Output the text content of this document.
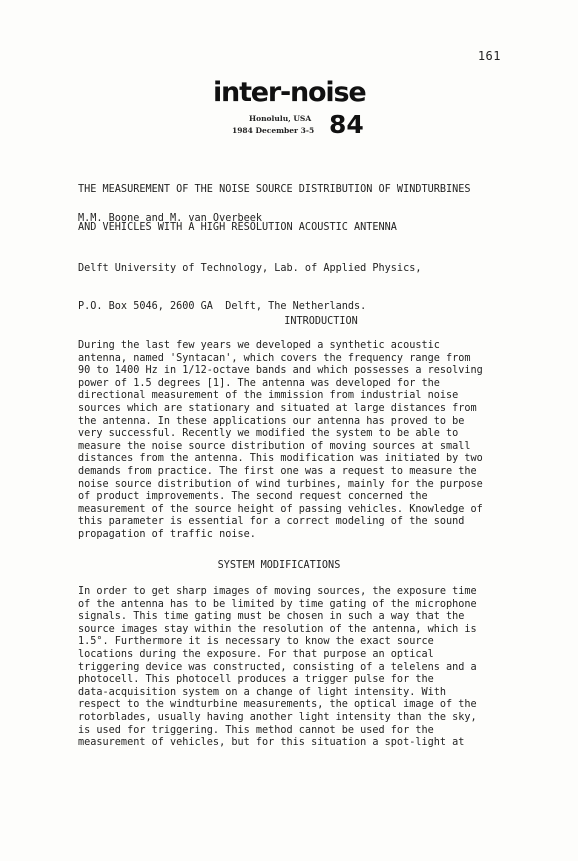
161
inter-noise
Honolulu, USA
1984 December 3-5 84

THE MEASUREMENT OF THE NOISE SOURCE DISTRIBUTION OF WINDTURBINES

AND VEHICLES WITH A HIGH RESOLUTION ACOUSTIC ANTENNA

M.M. Boone and M. van Overbeek

Delft University of Technology, Lab. of Applied Physics,

P.O. Box 5046, 2600 GA  Delft, The Netherlands.

INTRODUCTION
During the last few years we developed a synthetic acoustic
antenna, named 'Syntacan', which covers the frequency range from
90 to 1400 Hz in 1/12-octave bands and which possesses a resolving
power of 1.5 degrees [1]. The antenna was developed for the
directional measurement of the immission from industrial noise
sources which are stationary and situated at large distances from
the antenna. In these applications our antenna has proved to be
very successful. Recently we modified the system to be able to
measure the noise source distribution of moving sources at small
distances from the antenna. This modification was initiated by two
demands from practice. The first one was a request to measure the
noise source distribution of wind turbines, mainly for the purpose
of product improvements. The second request concerned the
measurement of the source height of passing vehicles. Knowledge of
this parameter is essential for a correct modeling of the sound
propagation of traffic noise.
SYSTEM MODIFICATIONS
In order to get sharp images of moving sources, the exposure time
of the antenna has to be limited by time gating of the microphone
signals. This time gating must be chosen in such a way that the
source images stay within the resolution of the antenna, which is
1.5°. Furthermore it is necessary to know the exact source
locations during the exposure. For that purpose an optical
triggering device was constructed, consisting of a telelens and a
photocell. This photocell produces a trigger pulse for the
data-acquisition system on a change of light intensity. With
respect to the windturbine measurements, the optical image of the
rotorblades, usually having another light intensity than the sky,
is used for triggering. This method cannot be used for the
measurement of vehicles, but for this situation a spot-light at
